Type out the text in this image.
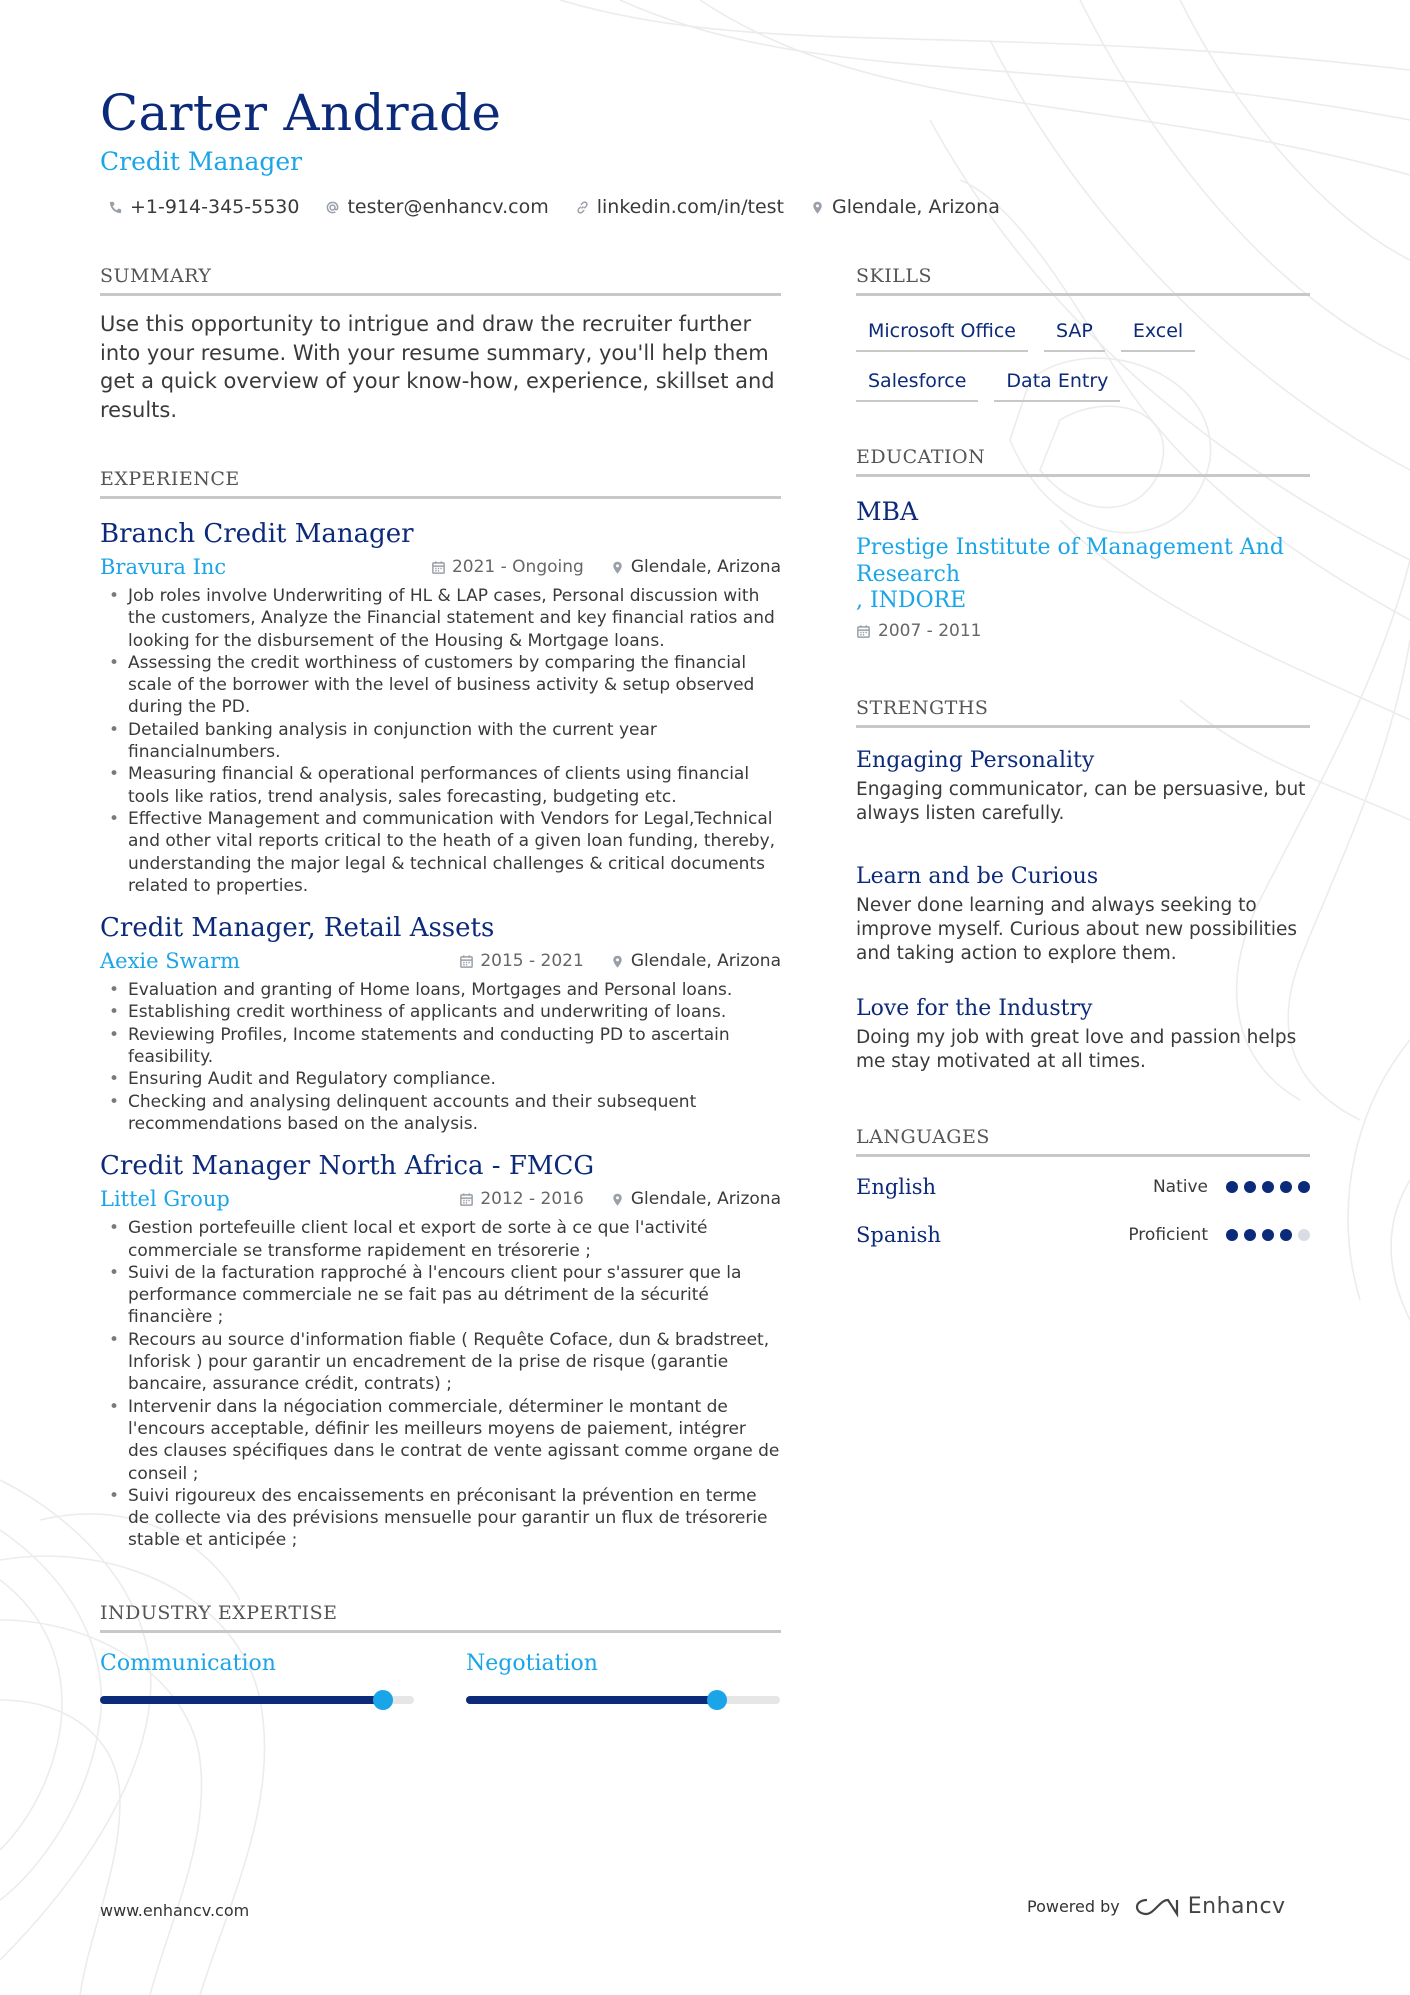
Carter Andrade
Credit Manager
+1-914-345-5530	tester@enhancv.com	linkedin.com/in/test	Glendale, Arizona
SUMMARY
Use this opportunity to intrigue and draw the recruiter further into your resume. With your resume summary, you'll help them get a quick overview of your know-how, experience, skillset and results.
EXPERIENCE
Branch Credit Manager
Bravura Inc	2021 - Ongoing	Glendale, Arizona
• Job roles involve Underwriting of HL & LAP cases, Personal discussion with the customers, Analyze the Financial statement and key financial ratios and looking for the disbursement of the Housing & Mortgage loans.
• Assessing the credit worthiness of customers by comparing the financial scale of the borrower with the level of business activity & setup observed during the PD.
• Detailed banking analysis in conjunction with the current year financialnumbers.
• Measuring financial & operational performances of clients using financial tools like ratios, trend analysis, sales forecasting, budgeting etc.
• Effective Management and communication with Vendors for Legal,Technical and other vital reports critical to the heath of a given loan funding, thereby, understanding the major legal & technical challenges & critical documents related to properties.
Credit Manager, Retail Assets
Aexie Swarm	2015 - 2021	Glendale, Arizona
• Evaluation and granting of Home loans, Mortgages and Personal loans.
• Establishing credit worthiness of applicants and underwriting of loans.
• Reviewing Profiles, Income statements and conducting PD to ascertain feasibility.
• Ensuring Audit and Regulatory compliance.
• Checking and analysing delinquent accounts and their subsequent recommendations based on the analysis.
Credit Manager North Africa - FMCG
Littel Group	2012 - 2016	Glendale, Arizona
• Gestion portefeuille client local et export de sorte à ce que l'activité commerciale se transforme rapidement en trésorerie ;
• Suivi de la facturation rapproché à l'encours client pour s'assurer que la performance commerciale ne se fait pas au détriment de la sécurité financière ;
• Recours au source d'information fiable ( Requête Coface, dun & bradstreet, Inforisk ) pour garantir un encadrement de la prise de risque (garantie bancaire, assurance crédit, contrats) ;
• Intervenir dans la négociation commerciale, déterminer le montant de l'encours acceptable, définir les meilleurs moyens de paiement, intégrer des clauses spécifiques dans le contrat de vente agissant comme organe de conseil ;
• Suivi rigoureux des encaissements en préconisant la prévention en terme de collecte via des prévisions mensuelle pour garantir un flux de trésorerie stable et anticipée ;
INDUSTRY EXPERTISE
Communication	Negotiation
SKILLS
Microsoft Office	SAP	Excel
Salesforce	Data Entry
EDUCATION
MBA
Prestige Institute of Management And Research
, INDORE
2007 - 2011
STRENGTHS
Engaging Personality
Engaging communicator, can be persuasive, but always listen carefully.
Learn and be Curious
Never done learning and always seeking to improve myself. Curious about new possibilities and taking action to explore them.
Love for the Industry
Doing my job with great love and passion helps me stay motivated at all times.
LANGUAGES
English	Native
Spanish	Proficient
www.enhancv.com	Powered by	Enhancv
